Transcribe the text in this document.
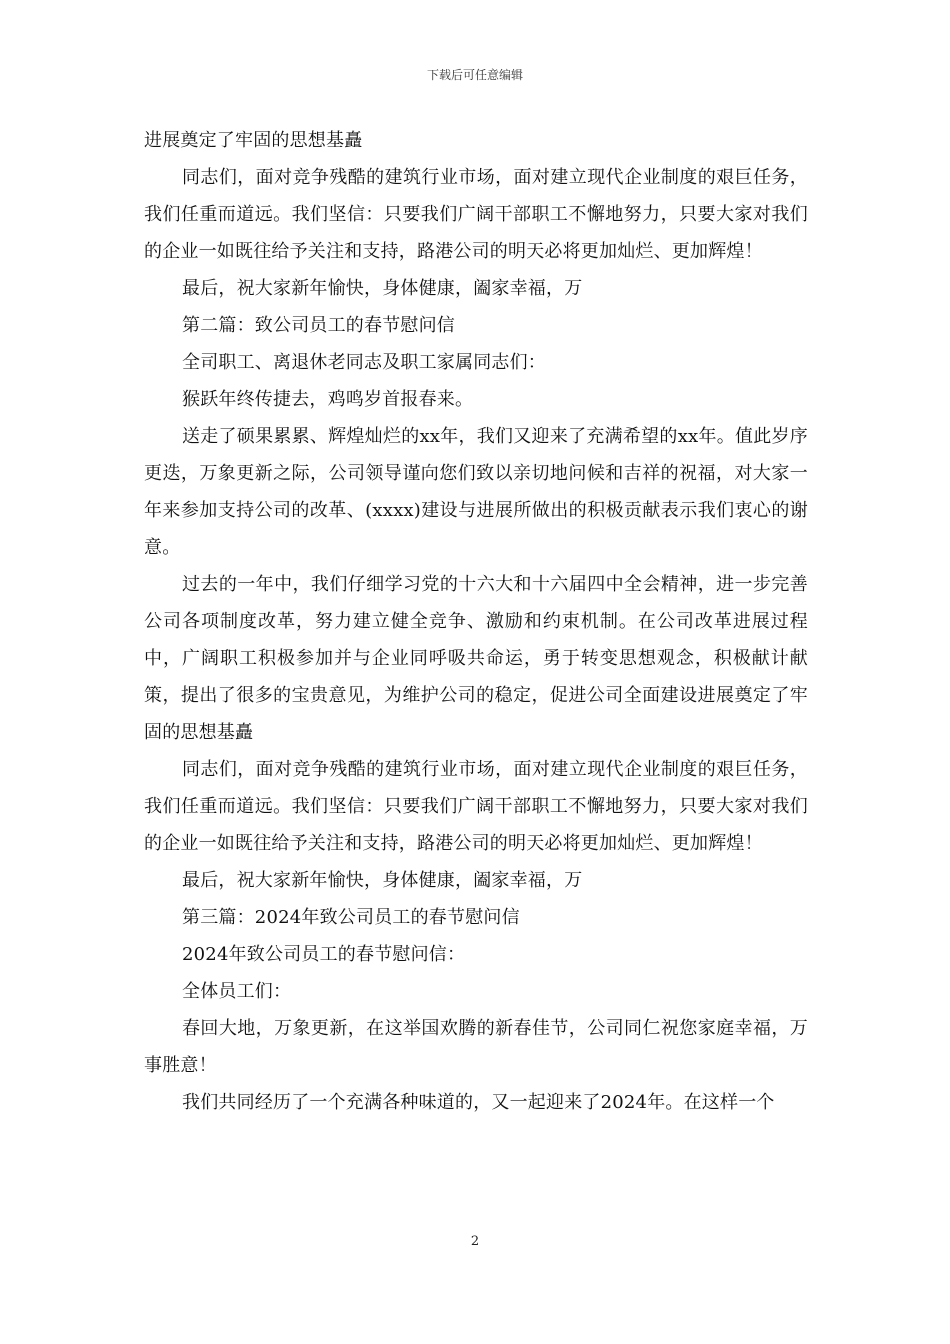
下载后可任意编辑

进展奠定了牢固的思想基矗

同志们，面对竞争残酷的建筑行业市场，面对建立现代企业制度的艰巨任务，我们任重而道远。我们坚信：只要我们广阔干部职工不懈地努力，只要大家对我们的企业一如既往给予关注和支持，路港公司的明天必将更加灿烂、更加辉煌！

最后，祝大家新年愉快，身体健康，阖家幸福，万

第二篇：致公司员工的春节慰问信

全司职工、离退休老同志及职工家属同志们：

猴跃年终传捷去，鸡鸣岁首报春来。

送走了硕果累累、辉煌灿烂的xx年，我们又迎来了充满希望的xx年。值此岁序更迭，万象更新之际，公司领导谨向您们致以亲切地问候和吉祥的祝福，对大家一年来参加支持公司的改革、(xxxx)建设与进展所做出的积极贡献表示我们衷心的谢意。

过去的一年中，我们仔细学习党的十六大和十六届四中全会精神，进一步完善公司各项制度改革，努力建立健全竞争、激励和约束机制。在公司改革进展过程中，广阔职工积极参加并与企业同呼吸共命运，勇于转变思想观念，积极献计献策，提出了很多的宝贵意见，为维护公司的稳定，促进公司全面建设进展奠定了牢固的思想基矗

同志们，面对竞争残酷的建筑行业市场，面对建立现代企业制度的艰巨任务，我们任重而道远。我们坚信：只要我们广阔干部职工不懈地努力，只要大家对我们的企业一如既往给予关注和支持，路港公司的明天必将更加灿烂、更加辉煌！

最后，祝大家新年愉快，身体健康，阖家幸福，万

第三篇：2024年致公司员工的春节慰问信

2024年致公司员工的春节慰问信：

全体员工们：

春回大地，万象更新，在这举国欢腾的新春佳节，公司同仁祝您家庭幸福，万事胜意！

我们共同经历了一个充满各种味道的，又一起迎来了2024年。在这样一个

2
